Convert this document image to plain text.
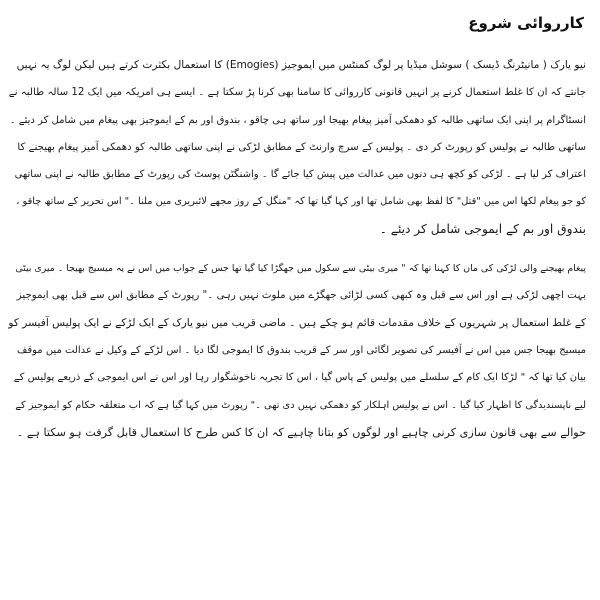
کارروائی شروع
نیو یارک ( مانیٹرنگ ڈیسک ) سوشل میڈیا پر لوگ کمنٹس میں ایموجیز (Emogies) کا استعمال بکثرت کرتے ہیں لیکن لوگ یہ نہیں
جانتے کہ ان کا غلط استعمال کرنے پر انہیں قانونی کارروائی کا سامنا بھی کرنا پڑ سکتا ہے ۔ ایسے ہی امریکہ میں ایک 12 سالہ طالبہ نے
انسٹاگرام پر اپنی ایک ساتھی طالبہ کو دھمکی آمیز پیغام بھیجا اور ساتھ ہی چاقو ، بندوق اور بم کے ایموجیز بھی پیغام میں شامل کر دیئے ۔
ساتھی طالبہ نے پولیس کو رپورٹ کر دی ۔ پولیس کے سرچ وارنٹ کے مطابق لڑکی نے اپنی ساتھی طالبہ کو دھمکی آمیز پیغام بھیجنے کا
اعتراف کر لیا ہے ۔ لڑکی کو کچھ ہی دنوں میں عدالت میں پیش کیا جائے گا ۔ واشنگٹن پوسٹ کی رپورٹ کے مطابق طالبہ نے اپنی ساتھی
کو جو پیغام لکھا اس میں "قتل" کا لفظ بھی شامل تھا اور کہا گیا تھا کہ "منگل کے روز مجھے لائبریری میں ملنا ۔" اس تحریر کے ساتھ چاقو ،
بندوق اور بم کے ایموجی شامل کر دیئے ۔
پیغام بھیجنے والی لڑکی کی ماں کا کہنا تھا کہ " میری بیٹی سے سکول میں جھگڑا کیا گیا تھا جس کے جواب میں اس نے یہ میسیج بھیجا ۔ میری بیٹی
بہت اچھی لڑکی ہے اور اس سے قبل وہ کبھی کسی لڑائی جھگڑے میں ملوث نہیں رہی ۔" رپورٹ کے مطابق اس سے قبل بھی ایموجیز
کے غلط استعمال پر شہریوں کے خلاف مقدمات قائم ہو چکے ہیں ۔ ماضی قریب میں نیو یارک کے ایک لڑکے نے ایک پولیس آفیسر کو
میسیج بھیجا جس میں اس نے آفیسر کی تصویر لگائی اور سر کے قریب بندوق کا ایموجی لگا دیا ۔ اس لڑکے کے وکیل نے عدالت میں موقف
بیان کیا تھا کہ " لڑکا ایک کام کے سلسلے میں پولیس کے پاس گیا ، اس کا تجربہ ناخوشگوار رہا اور اس نے اس ایموجی کے ذریعے پولیس کے
لیے ناپسندیدگی کا اظہار کیا گیا ۔ اس نے پولیس اہلکار کو دھمکی نہیں دی تھی ۔" رپورٹ میں کہا گیا ہے کہ اب متعلقہ حکام کو ایموجیز کے
حوالے سے بھی قانون سازی کرنی چاہیے اور لوگوں کو بتانا چاہیے کہ ان کا کس طرح کا استعمال قابل گرفت ہو سکتا ہے ۔
